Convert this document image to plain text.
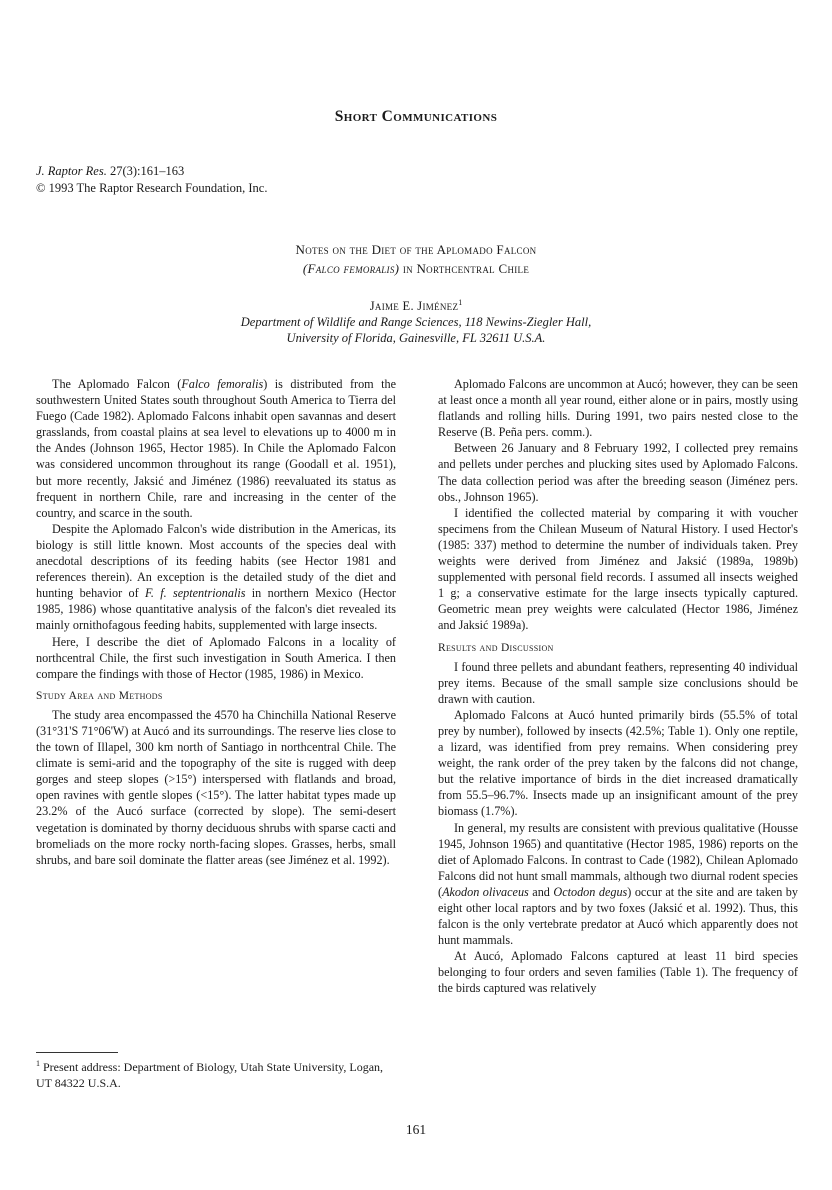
Short Communications
J. Raptor Res. 27(3):161–163
© 1993 The Raptor Research Foundation, Inc.
Notes on the Diet of the Aplomado Falcon
(Falco femoralis) in Northcentral Chile
Jaime E. Jiménez$^1$
Department of Wildlife and Range Sciences, 118 Newins-Ziegler Hall,
University of Florida, Gainesville, FL 32611 U.S.A.

The Aplomado Falcon (Falco femoralis) is distributed from the southwestern United States south throughout South America to Tierra del Fuego (Cade 1982). Aplomado Falcons inhabit open savannas and desert grasslands, from coastal plains at sea level to elevations up to 4000 m in the Andes (Johnson 1965, Hector 1985). In Chile the Aplomado Falcon was considered uncommon throughout its range (Goodall et al. 1951), but more recently, Jaksić and Jiménez (1986) reevaluated its status as frequent in northern Chile, rare and increasing in the center of the country, and scarce in the south.

Despite the Aplomado Falcon's wide distribution in the Americas, its biology is still little known. Most accounts of the species deal with anecdotal descriptions of its feeding habits (see Hector 1981 and references therein). An exception is the detailed study of the diet and hunting behavior of F. f. septentrionalis in northern Mexico (Hector 1985, 1986) whose quantitative analysis of the falcon's diet revealed its mainly ornithofagous feeding habits, supplemented with large insects.

Here, I describe the diet of Aplomado Falcons in a locality of northcentral Chile, the first such investigation in South America. I then compare the findings with those of Hector (1985, 1986) in Mexico.

Study Area and Methods

The study area encompassed the 4570 ha Chinchilla National Reserve (31°31'S 71°06'W) at Aucó and its surroundings. The reserve lies close to the town of Illapel, 300 km north of Santiago in northcentral Chile. The climate is semi-arid and the topography of the site is rugged with deep gorges and steep slopes (>15°) interspersed with flatlands and broad, open ravines with gentle slopes (<15°). The latter habitat types made up 23.2% of the Aucó surface (corrected by slope). The semi-desert vegetation is dominated by thorny deciduous shrubs with sparse cacti and bromeliads on the more rocky north-facing slopes. Grasses, herbs, small shrubs, and bare soil dominate the flatter areas (see Jiménez et al. 1992).

Aplomado Falcons are uncommon at Aucó; however, they can be seen at least once a month all year round, either alone or in pairs, mostly using flatlands and rolling hills. During 1991, two pairs nested close to the Reserve (B. Peña pers. comm.).

Between 26 January and 8 February 1992, I collected prey remains and pellets under perches and plucking sites used by Aplomado Falcons. The data collection period was after the breeding season (Jiménez pers. obs., Johnson 1965).

I identified the collected material by comparing it with voucher specimens from the Chilean Museum of Natural History. I used Hector's (1985: 337) method to determine the number of individuals taken. Prey weights were derived from Jiménez and Jaksić (1989a, 1989b) supplemented with personal field records. I assumed all insects weighed 1 g; a conservative estimate for the large insects typically captured. Geometric mean prey weights were calculated (Hector 1986, Jiménez and Jaksić 1989a).

Results and Discussion

I found three pellets and abundant feathers, representing 40 individual prey items. Because of the small sample size conclusions should be drawn with caution.

Aplomado Falcons at Aucó hunted primarily birds (55.5% of total prey by number), followed by insects (42.5%; Table 1). Only one reptile, a lizard, was identified from prey remains. When considering prey weight, the rank order of the prey taken by the falcons did not change, but the relative importance of birds in the diet increased dramatically from 55.5–96.7%. Insects made up an insignificant amount of the prey biomass (1.7%).

In general, my results are consistent with previous qualitative (Housse 1945, Johnson 1965) and quantitative (Hector 1985, 1986) reports on the diet of Aplomado Falcons. In contrast to Cade (1982), Chilean Aplomado Falcons did not hunt small mammals, although two diurnal rodent species (Akodon olivaceus and Octodon degus) occur at the site and are taken by eight other local raptors and by two foxes (Jaksić et al. 1992). Thus, this falcon is the only vertebrate predator at Aucó which apparently does not hunt mammals.

At Aucó, Aplomado Falcons captured at least 11 bird species belonging to four orders and seven families (Table 1). The frequency of the birds captured was relatively

$^1$ Present address: Department of Biology, Utah State University, Logan, UT 84322 U.S.A.
161
